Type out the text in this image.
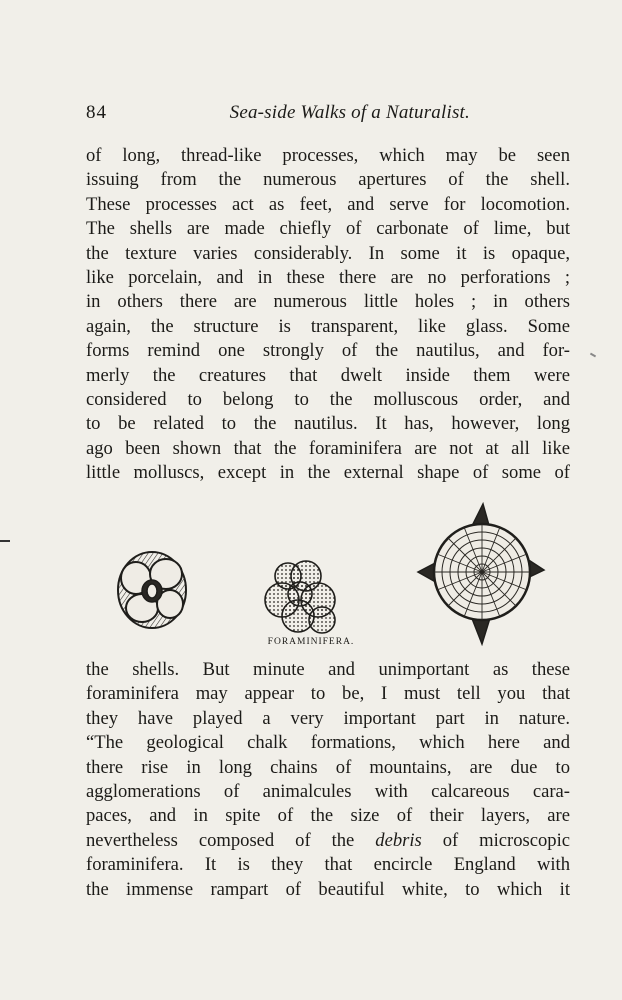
84	Sea-side Walks of a Naturalist.
of long, thread-like processes, which may be seen
issuing from the numerous apertures of the shell.
These processes act as feet, and serve for locomotion.
The shells are made chiefly of carbonate of lime, but
the texture varies considerably. In some it is opaque,
like porcelain, and in these there are no perforations ;
in others there are numerous little holes ; in others
again, the structure is transparent, like glass. Some
forms remind one strongly of the nautilus, and for-
merly the creatures that dwelt inside them were
considered to belong to the molluscous order, and
to be related to the nautilus. It has, however, long
ago been shown that the foraminifera are not at all like
little molluscs, except in the external shape of some of
FORAMINIFERA.
the shells. But minute and unimportant as these
foraminifera may appear to be, I must tell you that
they have played a very important part in nature.
“The geological chalk formations, which here and
there rise in long chains of mountains, are due to
agglomerations of animalcules with calcareous cara-
paces, and in spite of the size of their layers, are
nevertheless composed of the debris of microscopic
foraminifera. It is they that encircle England with
the immense rampart of beautiful white, to which it
